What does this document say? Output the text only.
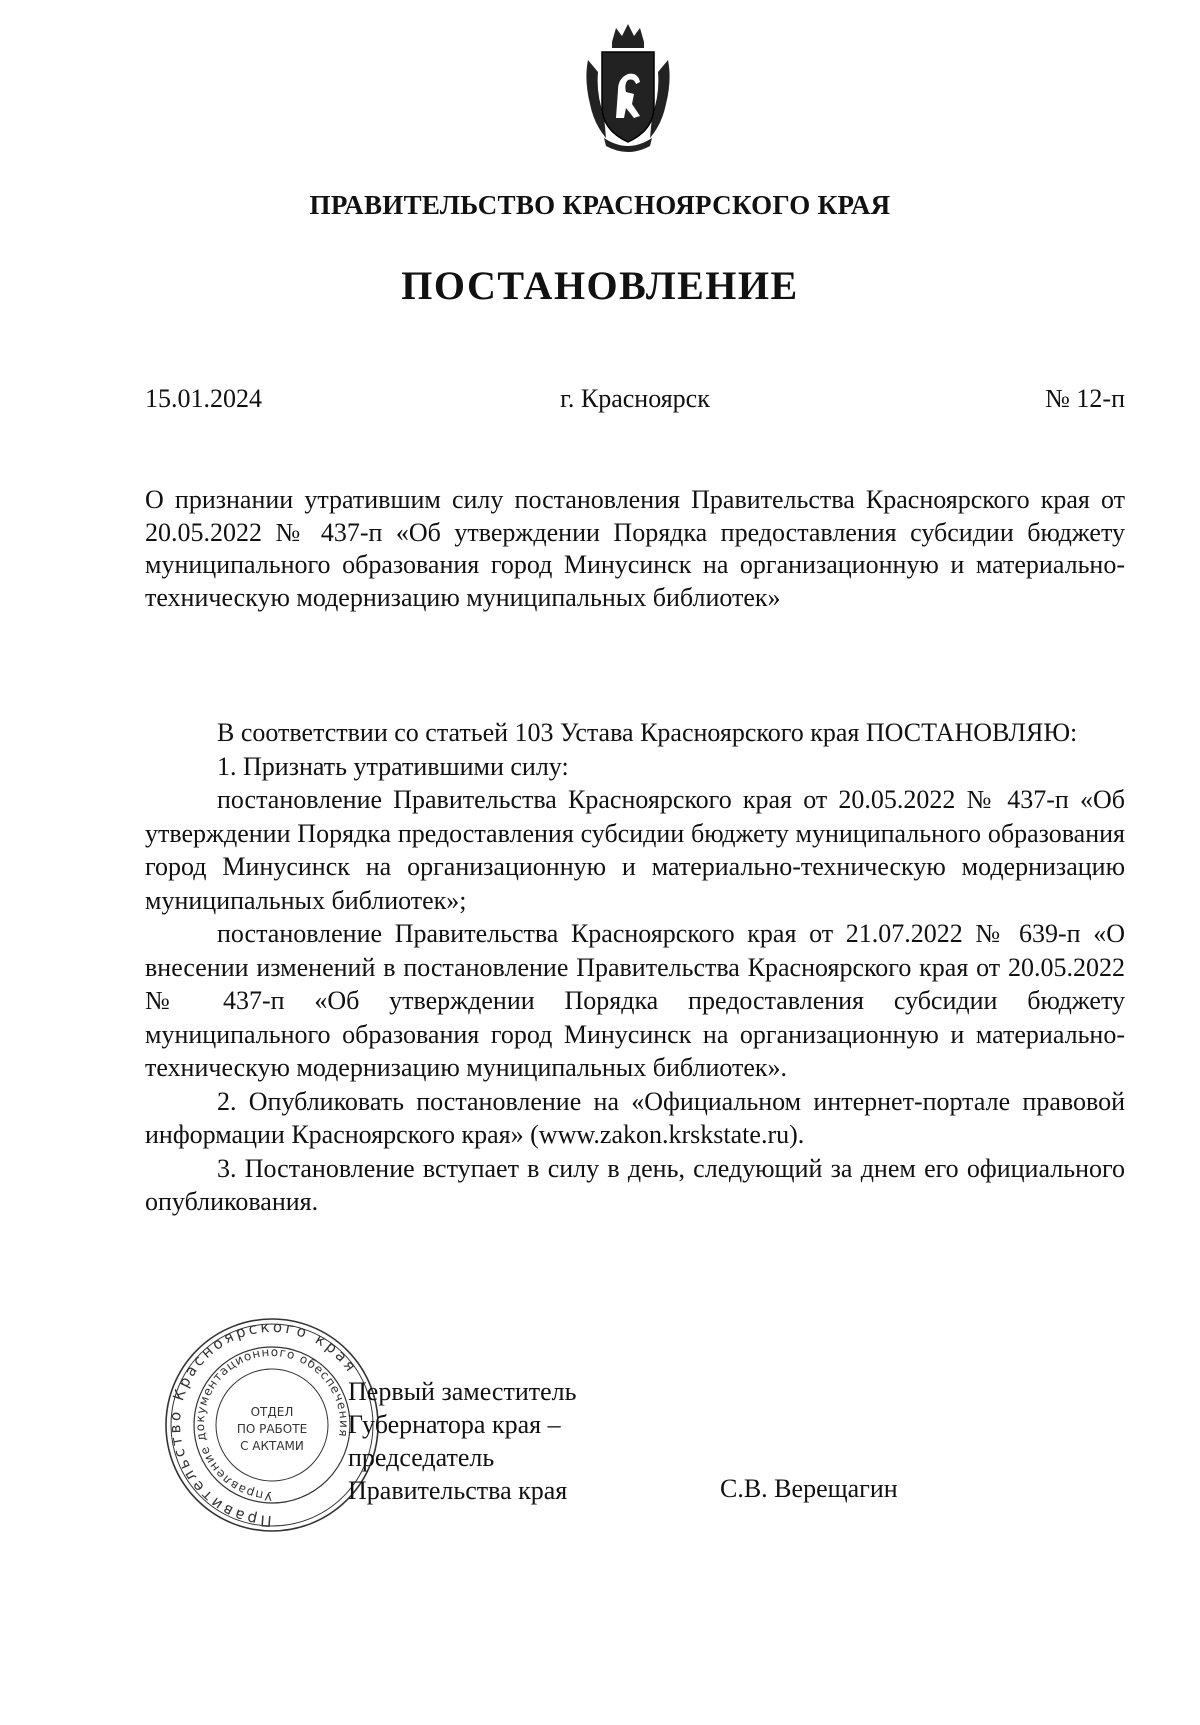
ПРАВИТЕЛЬСТВО КРАСНОЯРСКОГО КРАЯ
ПОСТАНОВЛЕНИЕ
15.01.2024	г. Красноярск	№ 12-п
О признании утратившим силу постановления Правительства Красноярского края от 20.05.2022 № 437-п «Об утверждении Порядка предоставления субсидии бюджету муниципального образования город Минусинск на организационную и материально-техническую модернизацию муниципальных библиотек»

В соответствии со статьей 103 Устава Красноярского края ПОСТАНОВЛЯЮ:

1. Признать утратившими силу:

постановление Правительства Красноярского края от 20.05.2022 № 437-п «Об утверждении Порядка предоставления субсидии бюджету муниципального образования город Минусинск на организационную и материально-техническую модернизацию муниципальных библиотек»;

постановление Правительства Красноярского края от 21.07.2022 № 639-п «О внесении изменений в постановление Правительства Красноярского края от 20.05.2022 № 437-п «Об утверждении Порядка предоставления субсидии бюджету муниципального образования город Минусинск на организационную и материально-техническую модернизацию муниципальных библиотек».

2. Опубликовать постановление на «Официальном интернет-портале правовой информации Красноярского края» (www.zakon.krskstate.ru).

3. Постановление вступает в силу в день, следующий за днем его официального опубликования.

Правительство Красноярского края
Управление документационного обеспечения
ОТДЕЛ
ПО РАБОТЕ
С АКТАМИ
Первый заместитель
Губернатора края –
председатель
Правительства края	С.В. Верещагин
